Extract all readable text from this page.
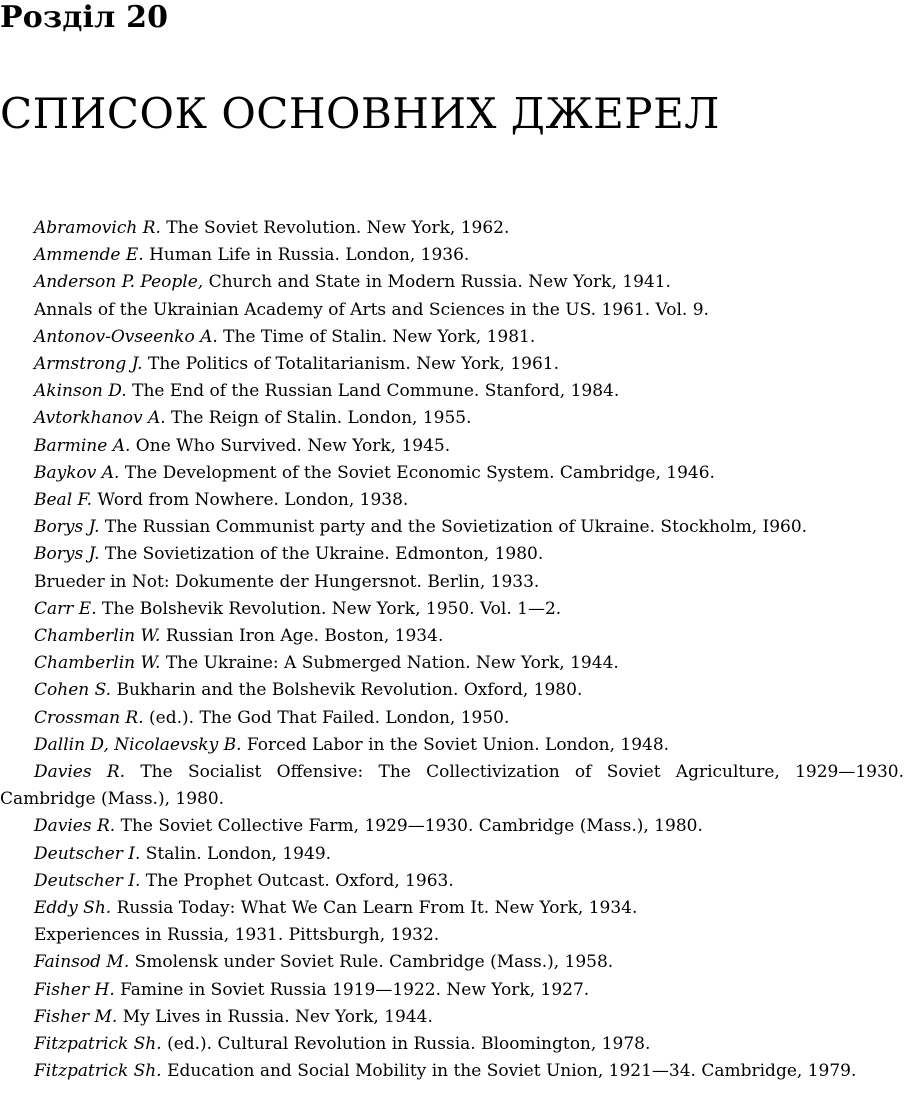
Розділ 20
СПИСОК ОСНОВНИХ ДЖЕРЕЛ
Abramovich R. The Soviet Revolution. New York, 1962.
Ammende E. Human Life in Russia. London, 1936.
Anderson P. People, Church and State in Modern Russia. New York, 1941.
Annals of the Ukrainian Academy of Arts and Sciences in the US. 1961. Vol. 9.
Antonov-Ovseenko A. The Time of Stalin. New York, 1981.
Armstrong J. The Politics of Totalitarianism. New York, 1961.
Akinson D. The End of the Russian Land Commune. Stanford, 1984.
Avtorkhanov A. The Reign of Stalin. London, 1955.
Barmine A. One Who Survived. New York, 1945.
Baykov A. The Development of the Soviet Economic System. Cambridge, 1946.
Beal F. Word from Nowhere. London, 1938.
Borys J. The Russian Communist party and the Sovietization of Ukraine. Stockholm, I960.
Borys J. The Sovietization of the Ukraine. Edmonton, 1980.
Brueder in Not: Dokumente der Hungersnot. Berlin, 1933.
Carr E. The Bolshevik Revolution. New York, 1950. Vol. 1—2.
Chamberlin W. Russian Iron Age. Boston, 1934.
Chamberlin W. The Ukraine: A Submerged Nation. New York, 1944.
Cohen S. Bukharin and the Bolshevik Revolution. Oxford, 1980.
Crossman R. (ed.). The God That Failed. London, 1950.
Dallin D, Nicolaevsky B. Forced Labor in the Soviet Union. London, 1948.
Davies R. The Socialist Offensive: The Collectivization of Soviet Agriculture, 1929—1930. Cambridge (Mass.), 1980.
Davies R. The Soviet Collective Farm, 1929—1930. Cambridge (Mass.), 1980.
Deutscher I. Stalin. London, 1949.
Deutscher I. The Prophet Outcast. Oxford, 1963.
Eddy Sh. Russia Today: What We Can Learn From It. New York, 1934.
Experiences in Russia, 1931. Pittsburgh, 1932.
Fainsod M. Smolensk under Soviet Rule. Cambridge (Mass.), 1958.
Fisher H. Famine in Soviet Russia 1919—1922. New York, 1927.
Fisher M. My Lives in Russia. Nev York, 1944.
Fitzpatrick Sh. (ed.). Cultural Revolution in Russia. Bloomington, 1978.
Fitzpatrick Sh. Education and Social Mobility in the Soviet Union, 1921—34. Cambridge, 1979.
